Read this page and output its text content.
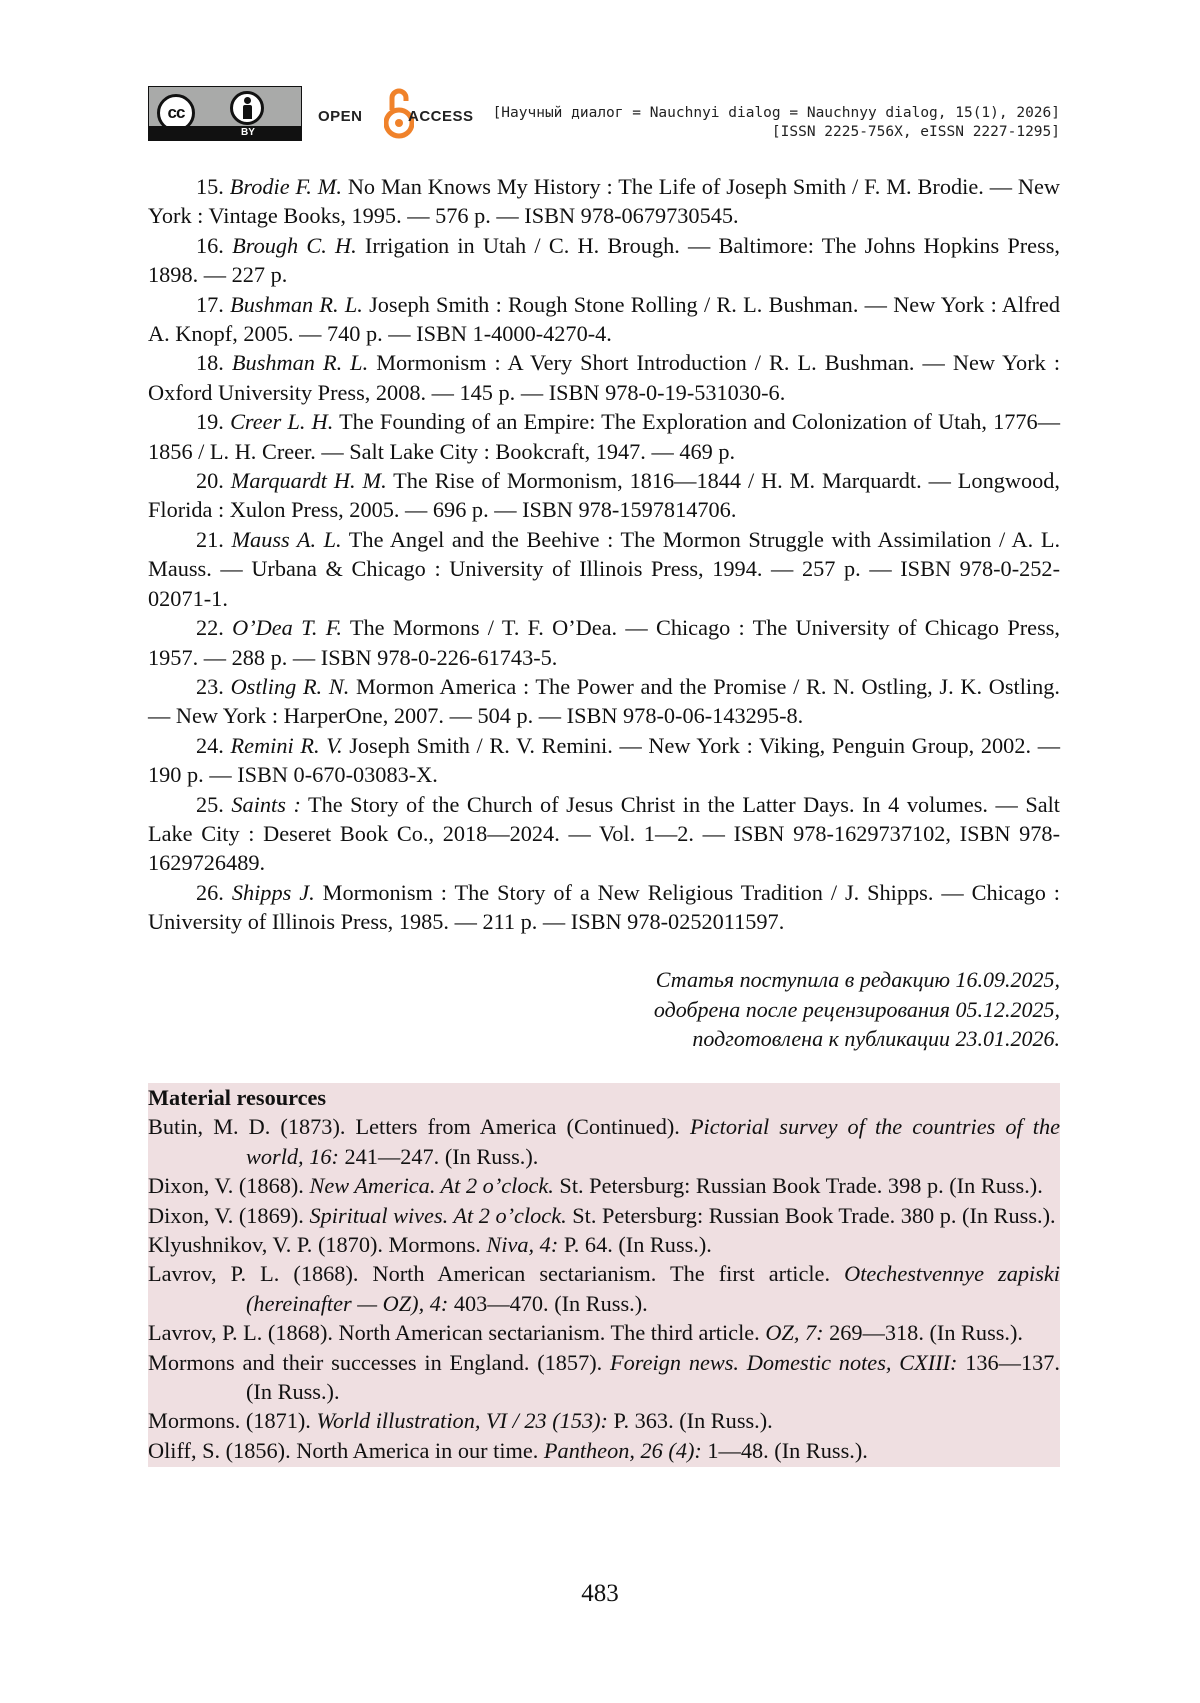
cc
BY
OPEN	ACCESS [Научный диалог = Nauchnyi dialog = Nauchnyy dialog, 15(1), 2026]
[ISSN 2225-756X, eISSN 2227-1295]

15. Brodie F. M. No Man Knows My History : The Life of Joseph Smith / F. M. Brodie. — New York : Vintage Books, 1995. — 576 p. — ISBN 978-0679730545.

16. Brough C. H. Irrigation in Utah / C. H. Brough. — Baltimore: The Johns Hopkins Press, 1898. — 227 p.

17. Bushman R. L. Joseph Smith : Rough Stone Rolling / R. L. Bushman. — New York : Alfred A. Knopf, 2005. — 740 p. — ISBN 1-4000-4270-4.

18. Bushman R. L. Mormonism : A Very Short Introduction / R. L. Bushman. — New York : Oxford University Press, 2008. — 145 p. — ISBN 978-0-19-531030-6.

19. Creer L. H. The Founding of an Empire: The Exploration and Colonization of Utah, 1776—1856 / L. H. Creer. — Salt Lake City : Bookcraft, 1947. — 469 p.

20. Marquardt H. M. The Rise of Mormonism, 1816—1844 / H. M. Marquardt. — Longwood, Florida : Xulon Press, 2005. — 696 p. — ISBN 978-1597814706.

21. Mauss A. L. The Angel and the Beehive : The Mormon Struggle with Assimilation / A. L. Mauss. — Urbana & Chicago : University of Illinois Press, 1994. — 257 p. — ISBN 978-0-252-02071-1.

22. O’Dea T. F. The Mormons / T. F. O’Dea. — Chicago : The University of Chicago Press, 1957. — 288 p. — ISBN 978-0-226-61743-5.

23. Ostling R. N. Mormon America : The Power and the Promise / R. N. Ostling, J. K. Ostling. — New York : HarperOne, 2007. — 504 p. — ISBN 978-0-06-143295-8.

24. Remini R. V. Joseph Smith / R. V. Remini. — New York : Viking, Penguin Group, 2002. — 190 p. — ISBN 0-670-03083-X.

25. Saints : The Story of the Church of Jesus Christ in the Latter Days. In 4 volumes. — Salt Lake City : Deseret Book Co., 2018—2024. — Vol. 1—2. — ISBN 978-1629737102, ISBN 978-1629726489.

26. Shipps J. Mormonism : The Story of a New Religious Tradition / J. Shipps. — Chicago : University of Illinois Press, 1985. — 211 p. — ISBN 978-0252011597.

Статья поступила в редакцию 16.09.2025,
одобрена после рецензирования 05.12.2025,
подготовлена к публикации 23.01.2026.
Material resources

Butin, M. D. (1873). Letters from America (Continued). Pictorial survey of the countries of the world, 16: 241—247. (In Russ.).

Dixon, V. (1868). New America. At 2 o’clock. St. Petersburg: Russian Book Trade. 398 p. (In Russ.).

Dixon, V. (1869). Spiritual wives. At 2 o’clock. St. Petersburg: Russian Book Trade. 380 p. (In Russ.).

Klyushnikov, V. P. (1870). Mormons. Niva, 4: P. 64. (In Russ.).

Lavrov, P. L. (1868). North American sectarianism. The first article. Otechestvennye zapiski (hereinafter — OZ), 4: 403—470. (In Russ.).

Lavrov, P. L. (1868). North American sectarianism. The third article. OZ, 7: 269—318. (In Russ.).

Mormons and their successes in England. (1857). Foreign news. Domestic notes, CXIII: 136—137. (In Russ.).

Mormons. (1871). World illustration, VI / 23 (153): P. 363. (In Russ.).

Oliff, S. (1856). North America in our time. Pantheon, 26 (4): 1—48. (In Russ.).

483
